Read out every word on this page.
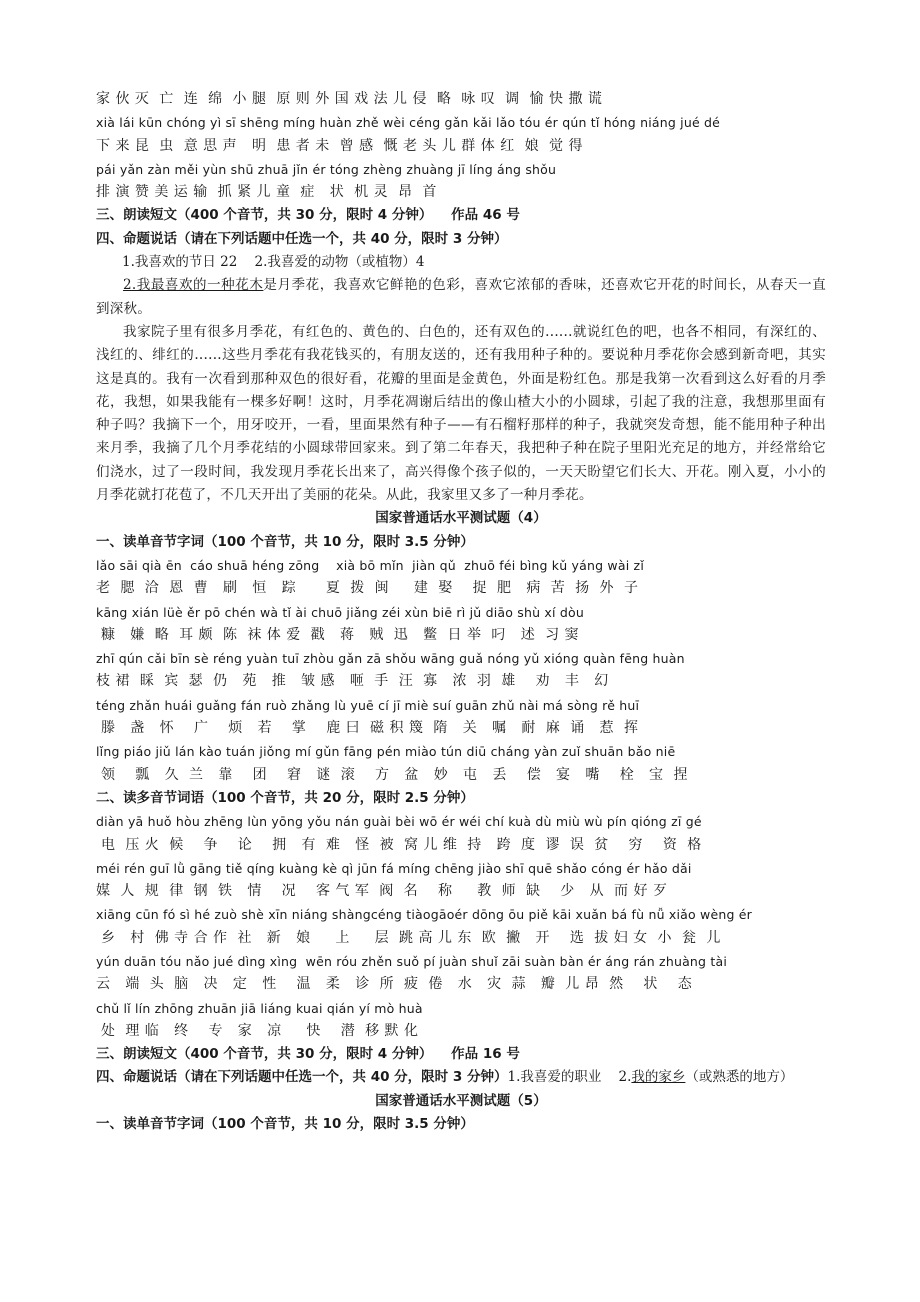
家 伙 灭  亡  连  绵  小 腿  原 则 外 国 戏 法 儿 侵  略  咏 叹  调  愉 快 撒 谎
xià lái kūn chóng yì sī shēng míng huàn zhě wèi céng gǎn kǎi lǎo tóu ér qún tǐ hóng niáng jué dé
下 来 昆  虫  意 思 声   明  患 者 未  曾 感  慨 老 头 儿 群 体 红  娘  觉 得
pái yǎn zàn měi yùn shū zhuā jǐn ér tóng zhèng zhuàng jī líng áng shǒu
排 演 赞 美 运 输  抓 紧 儿 童  症   状  机 灵  昂  首
三、朗读短文（400 个音节，共 30 分，限时 4 分钟） 作品 46 号
四、命题说话（请在下列话题中任选一个，共 40 分，限时 3 分钟）
1.我喜欢的节日 22    2.我喜爱的动物（或植物）4
2.我最喜欢的一种花木是月季花，我喜欢它鲜艳的色彩，喜欢它浓郁的香味，还喜欢它开花的时间长，从春天一直到深秋。
我家院子里有很多月季花，有红色的、黄色的、白色的，还有双色的......就说红色的吧，也各不相同，有深红的、浅红的、绯红的......这些月季花有我花钱买的，有朋友送的，还有我用种子种的。要说种月季花你会感到新奇吧，其实这是真的。我有一次看到那种双色的很好看，花瓣的里面是金黄色，外面是粉红色。那是我第一次看到这么好看的月季花，我想，如果我能有一棵多好啊！这时，月季花凋谢后结出的像山楂大小的小圆球，引起了我的注意，我想那里面有种子吗？我摘下一个，用牙咬开，一看，里面果然有种子——有石榴籽那样的种子，我就突发奇想，能不能用种子种出来月季，我摘了几个月季花结的小圆球带回家来。到了第二年春天，我把种子种在院子里阳光充足的地方，并经常给它们浇水，过了一段时间，我发现月季花长出来了，高兴得像个孩子似的，一天天盼望它们长大、开花。刚入夏，小小的月季花就打花苞了，不几天开出了美丽的花朵。从此，我家里又多了一种月季花。
国家普通话水平测试题（4）
一、读单音节字词（100 个音节，共 10 分，限时 3.5 分钟）
lǎo sāi qià ēn  cáo shuā héng zōng    xià bō mǐn  jiàn qǔ  zhuō féi bìng kǔ yáng wài zǐ
老  腮  洽  恩  曹   刷   恒   踪      夏  拨  闽     建  娶    捉  肥   病  苦  扬  外  子
kāng xián lüè ěr pō chén wà tǐ ài chuō jiǎng zéi xùn biē rì jǔ diāo shù xí dòu
糠   嫌  略  耳 颇  陈  袜 体 爱  戳   蒋   贼  迅   鳖  日 举  叼   述  习 窦
zhī qún cǎi bīn sè réng yuàn tuī zhòu gǎn zā shǒu wāng guǎ nóng yǔ xióng quàn fēng huàn
枝 裙  睬  宾  瑟  仍   苑   推   皱 感   咂  手  汪  寡   浓  羽  雄    劝   丰   幻
téng zhǎn huái guǎng fán ruò zhǎng lù yuē cí jī miè suí guān zhǔ nài má sòng rě huī
滕   盏   怀    广    烦   若    掌    鹿 曰  磁 积 篾  隋   关   嘱   耐  麻  诵   惹  挥
lǐng piáo jiǔ lán kào tuán jiǒng mí gǔn fāng pén miào tún diū cháng yàn zuǐ shuān bǎo niē
领    瓢   久  兰   靠    团    窘   谜  滚    方   盆   妙   屯   丢    偿   宴   嘴    栓   宝  捏
二、读多音节词语（100 个音节，共 20 分，限时 2.5 分钟）
diàn yā huǒ hòu zhēng lùn yōng yǒu nán guài bèi wō ér wéi chí kuà dù miù wù pín qióng zī gé
电  压 火  候    争    论    拥   有  难   怪  被  窝 儿 维  持   跨  度  谬  误  贫    穷    资  格
méi rén guī lǜ gāng tiě qíng kuàng kè qì jūn fá míng chēng jiào shī quē shǎo cóng ér hǎo dǎi
媒  人  规  律  钢  铁   情    况    客 气 军  阀  名    称     教  师  缺    少   从  而 好 歹
xiāng cūn fó sì hé zuò shè xīn niáng shàngcéng tiàogāoér dōng ōu piě kāi xuǎn bá fù nǚ xiǎo wèng ér
乡   村  佛 寺 合 作  社   新   娘     上     层  跳 高 儿 东  欧  撇   开    选  拔 妇 女  小  瓮  儿
yún duān tóu nǎo jué dìng xìng  wēn róu zhěn suǒ pí juàn shuǐ zāi suàn bàn ér áng rán zhuàng tài
云   端  头  脑   决   定   性    温   柔   诊  所  疲  倦   水   灾  蒜   瓣  儿 昂  然    状    态
chǔ lǐ lín zhōng zhuān jiā liáng kuai qián yí mò huà
处  理 临   终    专   家   凉     快    潜  移 默 化
三、朗读短文（400 个音节，共 30 分，限时 4 分钟） 作品 16 号
四、命题说话（请在下列话题中任选一个，共 40 分，限时 3 分钟）1.我喜爱的职业    2.我的家乡（或熟悉的地方）
国家普通话水平测试题（5）
一、读单音节字词（100 个音节，共 10 分，限时 3.5 分钟）
